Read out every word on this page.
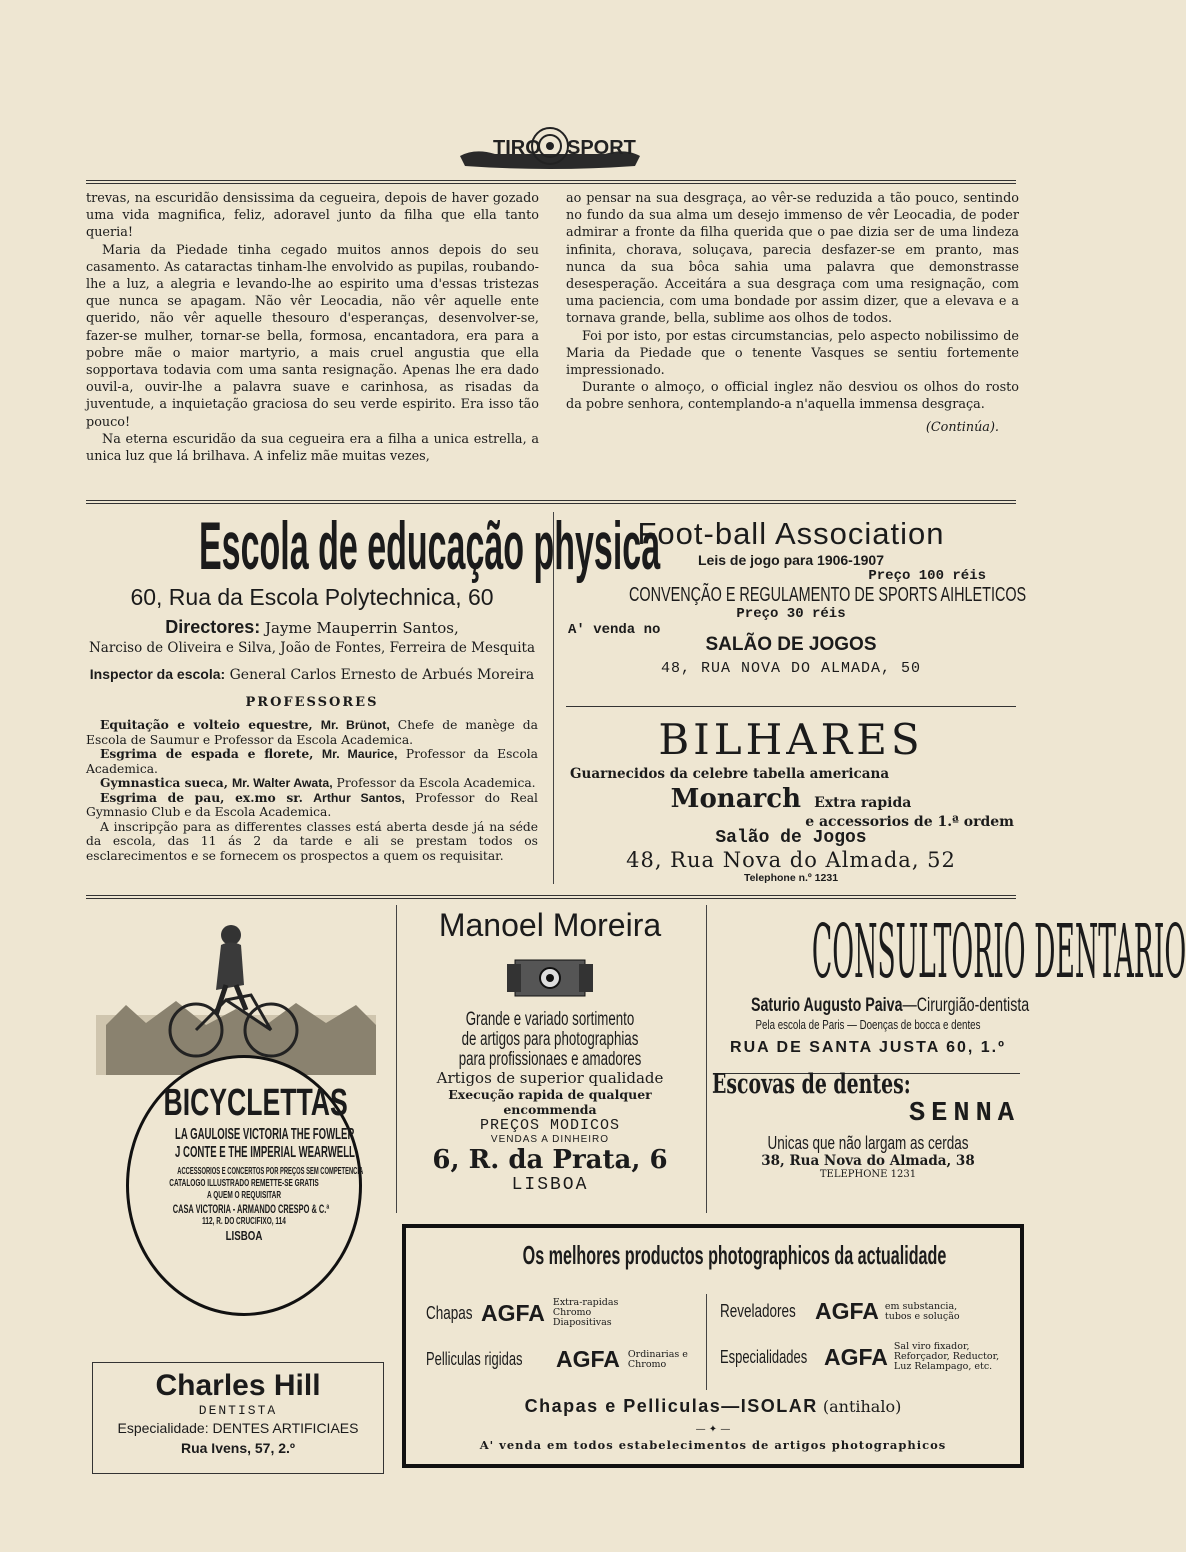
TIRO SPORT

trevas, na escuridão densissima da cegueira, depois de haver gozado uma vida magnifica, feliz, adoravel junto da filha que ella tanto queria!

Maria da Piedade tinha cegado muitos annos depois do seu casamento. As cataractas tinham-lhe envolvido as pupilas, roubando-lhe a luz, a alegria e levando-lhe ao espirito uma d'essas tristezas que nunca se apagam. Não vêr Leocadia, não vêr aquelle ente querido, não vêr aquelle thesouro d'esperanças, desenvolver-se, fazer-se mulher, tornar-se bella, formosa, encantadora, era para a pobre mãe o maior martyrio, a mais cruel angustia que ella sopportava todavia com uma santa resignação. Apenas lhe era dado ouvil-a, ouvir-lhe a palavra suave e carinhosa, as risadas da juventude, a inquietação graciosa do seu verde espirito. Era isso tão pouco!

Na eterna escuridão da sua cegueira era a filha a unica estrella, a unica luz que lá brilhava. A infeliz mãe muitas vezes,

ao pensar na sua desgraça, ao vêr-se reduzida a tão pouco, sentindo no fundo da sua alma um desejo immenso de vêr Leocadia, de poder admirar a fronte da filha querida que o pae dizia ser de uma lindeza infinita, chorava, soluçava, parecia desfazer-se em pranto, mas nunca da sua bôca sahia uma palavra que demonstrasse desesperação. Acceitára a sua desgraça com uma resignação, com uma paciencia, com uma bondade por assim dizer, que a elevava e a tornava grande, bella, sublime aos olhos de todos.

Foi por isto, por estas circumstancias, pelo aspecto nobilissimo de Maria da Piedade que o tenente Vasques se sentiu fortemente impressionado.

Durante o almoço, o official inglez não desviou os olhos do rosto da pobre senhora, contemplando-a n'aquella immensa desgraça.

(Continúa).
Escola de educação physica
60, Rua da Escola Polytechnica, 60
Directores: Jayme Mauperrin Santos,
Narciso de Oliveira e Silva, João de Fontes, Ferreira de Mesquita
Inspector da escola: General Carlos Ernesto de Arbués Moreira
PROFESSORES
Equitação e volteio equestre, Mr. Brünot, Chefe de manège da Escola de Saumur e Professor da Escola Academica.
Esgrima de espada e florete, Mr. Maurice, Professor da Escola Academica.
Gymnastica sueca, Mr. Walter Awata, Professor da Escola Academica.
Esgrima de pau, ex.mo sr. Arthur Santos, Professor do Real Gymnasio Club e da Escola Academica.
A inscripção para as differentes classes está aberta desde já na séde da escola, das 11 ás 2 da tarde e ali se prestam todos os esclarecimentos e se fornecem os prospectos a quem os requisitar.
Foot-ball Association
Leis de jogo para 1906-1907
Preço 100 réis
CONVENÇÃO E REGULAMENTO DE SPORTS AIHLETICOS
Preço 30 réis
A' venda no
SALÃO DE JOGOS
48, RUA NOVA DO ALMADA, 50
BILHARES
Guarnecidos da celebre tabella americana
Monarch Extra rapida
e accessorios de 1.ª ordem
Salão de Jogos
48, Rua Nova do Almada, 52
Telephone n.º 1231
BICYCLETTAS
LA GAULOISE VICTORIA THE FOWLER
J CONTE E THE IMPERIAL WEARWELL
ACCESSORIOS E CONCERTOS POR PREÇOS SEM COMPETENCIA
CATALOGO ILLUSTRADO REMETTE-SE GRATIS
A QUEM O REQUISITAR
CASA VICTORIA - ARMANDO CRESPO & C.ª
112, R. DO CRUCIFIXO, 114
LISBOA
Manoel Moreira
Grande e variado sortimento
de artigos para photographias
para profissionaes e amadores
Artigos de superior qualidade
Execução rapida de qualquer encommenda
PREÇOS MODICOS
VENDAS A DINHEIRO
6, R. da Prata, 6
LISBOA
CONSULTORIO DENTARIO
Saturio Augusto Paiva—Cirurgião-dentista
Pela escola de Paris — Doenças de bocca e dentes
RUA DE SANTA JUSTA 60, 1.º
Escovas de dentes:
SENNA
Unicas que não largam as cerdas
38, Rua Nova do Almada, 38
TELEPHONE 1231
Charles Hill
DENTISTA
Especialidade: DENTES ARTIFICIAES
Rua Ivens, 57, 2.º
Os melhores productos photographicos da actualidade
Chapas AGFA Extra-rapidas Chromo Diapositivas
Reveladores AGFA em substancia, tubos e solução
Pelliculas rigidas AGFA Ordinarias e Chromo	Especialidades AGFA Sal viro fixador, Reforçador, Reductor, Luz Relampago, etc.
Chapas e Pelliculas—ISOLAR (antihalo)
— ✦ —
A' venda em todos estabelecimentos de artigos photographicos
